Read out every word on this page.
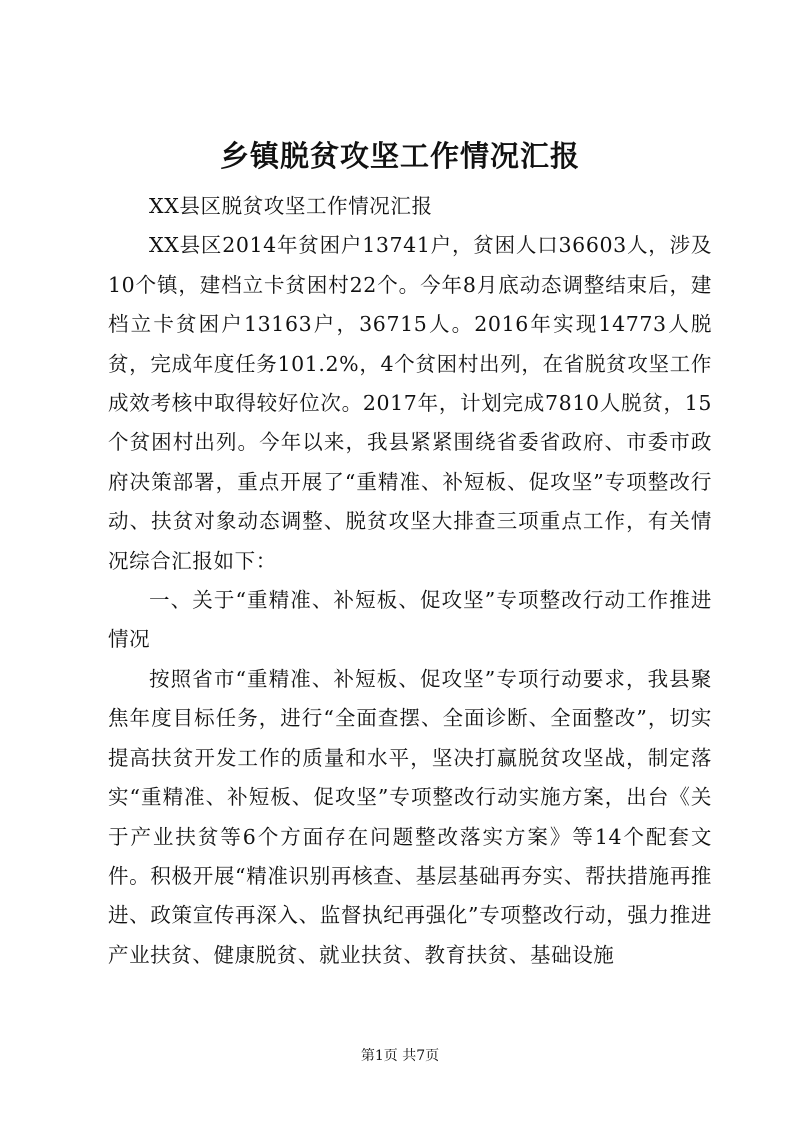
乡镇脱贫攻坚工作情况汇报

XX县区脱贫攻坚工作情况汇报

XX县区2014年贫困户13741户，贫困人口36603人，涉及10个镇，建档立卡贫困村22个。今年8月底动态调整结束后，建档立卡贫困户13163户，36715人。2016年实现14773人脱贫，完成年度任务101.2%，4个贫困村出列，在省脱贫攻坚工作成效考核中取得较好位次。2017年，计划完成7810人脱贫，15个贫困村出列。今年以来，我县紧紧围绕省委省政府、市委市政府决策部署，重点开展了“重精准、补短板、促攻坚”专项整改行动、扶贫对象动态调整、脱贫攻坚大排查三项重点工作，有关情况综合汇报如下：

一、关于“重精准、补短板、促攻坚”专项整改行动工作推进情况

按照省市“重精准、补短板、促攻坚”专项行动要求，我县聚焦年度目标任务，进行“全面查摆、全面诊断、全面整改”，切实提高扶贫开发工作的质量和水平，坚决打赢脱贫攻坚战，制定落实“重精准、补短板、促攻坚”专项整改行动实施方案，出台《关于产业扶贫等6个方面存在问题整改落实方案》等14个配套文件。积极开展“精准识别再核查、基层基础再夯实、帮扶措施再推进、政策宣传再深入、监督执纪再强化”专项整改行动，强力推进产业扶贫、健康脱贫、就业扶贫、教育扶贫、基础设施

第1页 共7页
